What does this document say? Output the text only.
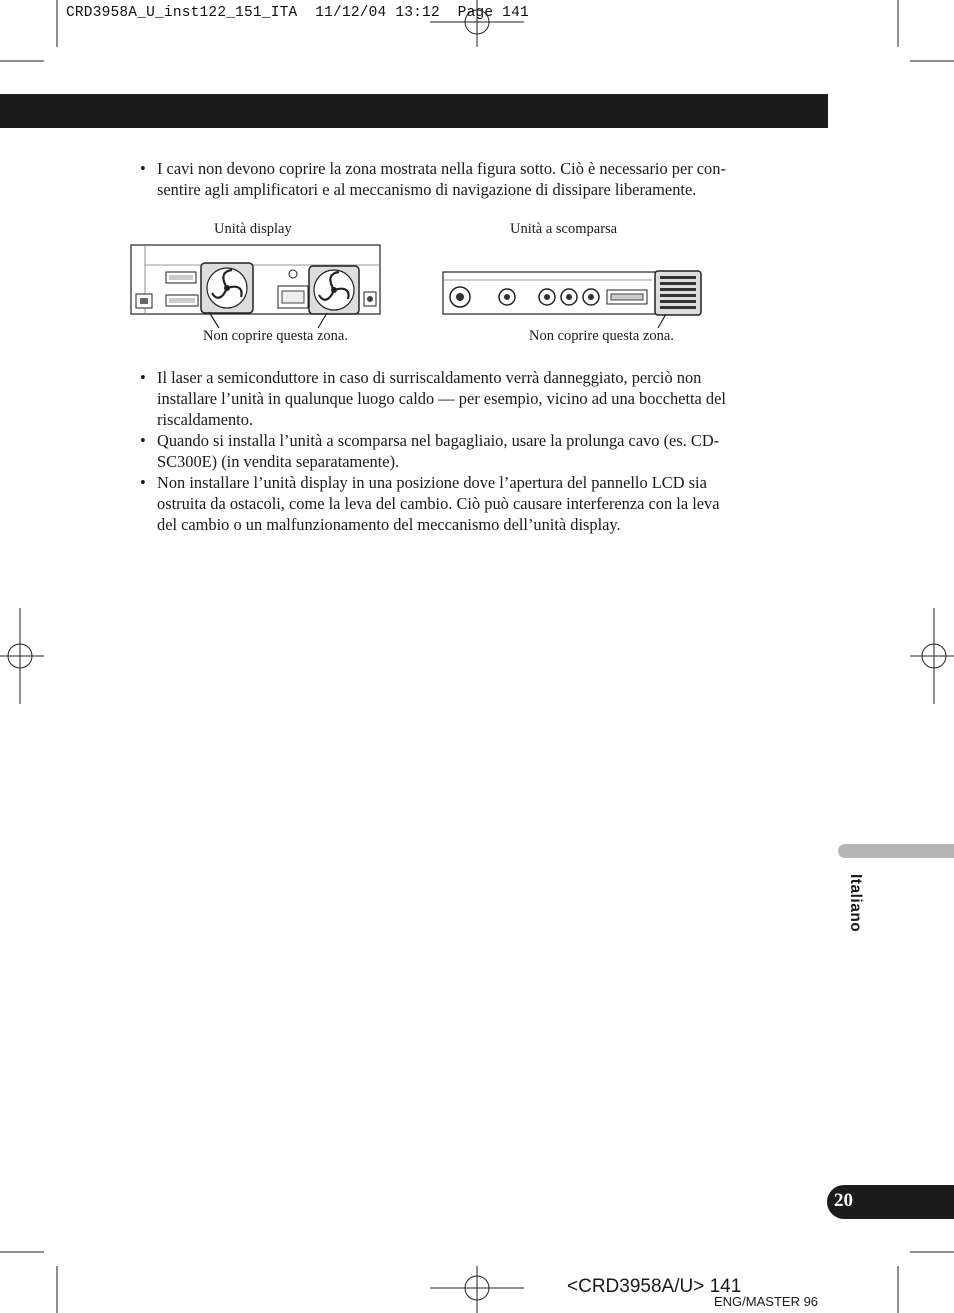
CRD3958A_U_inst122_151_ITA  11/12/04 13:12  Page 141
• I cavi non devono coprire la zona mostrata nella figura sotto. Ciò è necessario per con-
sentire agli amplificatori e al meccanismo di navigazione di dissipare liberamente.
Unità display	Unità a scomparsa
Non coprire questa zona.	Non coprire questa zona.
• Il laser a semiconduttore in caso di surriscaldamento verrà danneggiato, perciò non
installare l’unità in qualunque luogo caldo — per esempio, vicino ad una bocchetta del
riscaldamento.
• Quando si installa l’unità a scomparsa nel bagagliaio, usare la prolunga cavo (es. CD-
SC300E) (in vendita separatamente).
• Non installare l’unità display in una posizione dove l’apertura del pannello LCD sia
ostruita da ostacoli, come la leva del cambio. Ciò può causare interferenza con la leva
del cambio o un malfunzionamento del meccanismo dell’unità display.
Italiano
20
<CRD3958A/U> 141
ENG/MASTER 96
